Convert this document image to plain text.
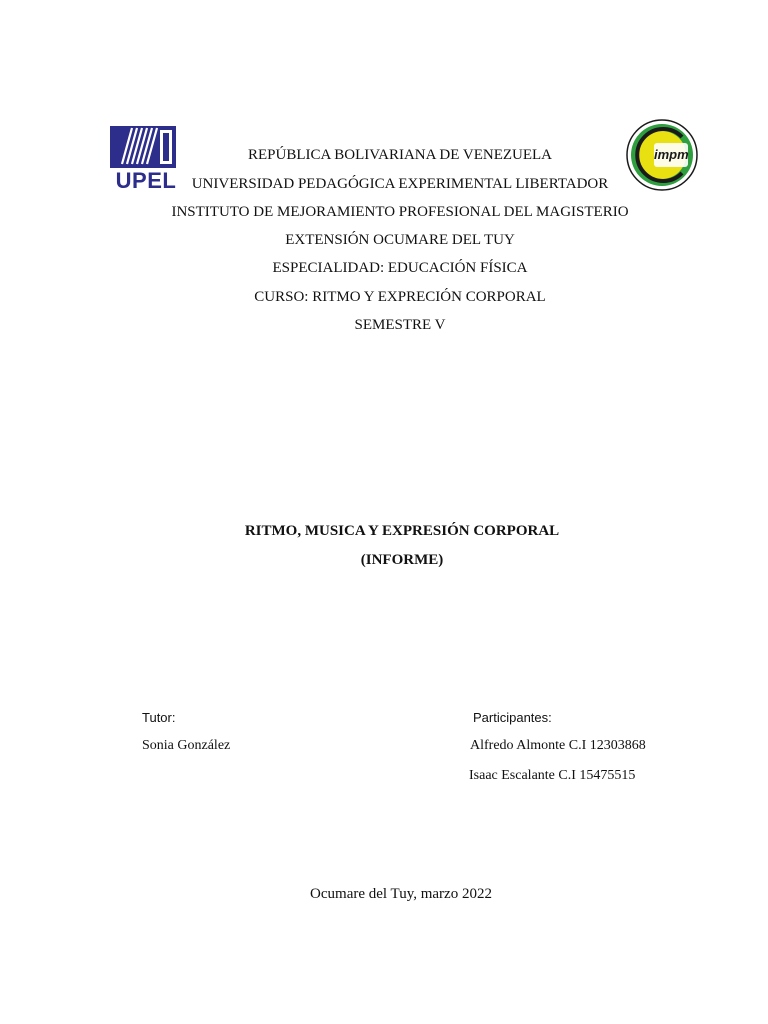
UPEL
impm
REPÚBLICA BOLIVARIANA DE VENEZUELA
UNIVERSIDAD PEDAGÓGICA EXPERIMENTAL LIBERTADOR
INSTITUTO DE MEJORAMIENTO PROFESIONAL DEL MAGISTERIO
EXTENSIÓN OCUMARE DEL TUY
ESPECIALIDAD: EDUCACIÓN FÍSICA
CURSO: RITMO Y EXPRECIÓN CORPORAL
SEMESTRE V
RITMO, MUSICA Y EXPRESIÓN CORPORAL
(INFORME)
Tutor:
Sonia González
Participantes:
Alfredo Almonte C.I 12303868
Isaac Escalante C.I 15475515
Ocumare del Tuy, marzo 2022
